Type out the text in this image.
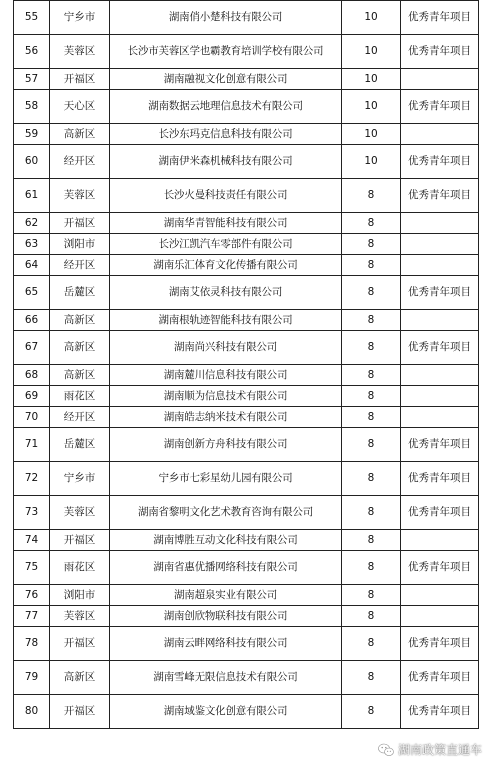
55	宁乡市	湖南俏小楚科技有限公司	10	优秀青年项目
56	芙蓉区	长沙市芙蓉区学也霸教育培训学校有限公司	10	优秀青年项目
57	开福区	湖南融视文化创意有限公司	10	
58	天心区	湖南数据云地理信息技术有限公司	10	优秀青年项目
59	高新区	长沙东玛克信息科技有限公司	10	
60	经开区	湖南伊米森机械科技有限公司	10	优秀青年项目
61	芙蓉区	长沙火曼科技责任有限公司	8	优秀青年项目
62	开福区	湖南华青智能科技有限公司	8	
63	浏阳市	长沙江凯汽车零部件有限公司	8	
64	经开区	湖南乐汇体育文化传播有限公司	8	
65	岳麓区	湖南艾依灵科技有限公司	8	优秀青年项目
66	高新区	湖南根轨迹智能科技有限公司	8	
67	高新区	湖南尚兴科技有限公司	8	优秀青年项目
68	高新区	湖南麓川信息科技有限公司	8	
69	雨花区	湖南顺为信息技术有限公司	8	
70	经开区	湖南皓志纳米技术有限公司	8	
71	岳麓区	湖南创新方舟科技有限公司	8	优秀青年项目
72	宁乡市	宁乡市七彩星幼儿园有限公司	8	优秀青年项目
73	芙蓉区	湖南省黎明文化艺术教育咨询有限公司	8	优秀青年项目
74	开福区	湖南博胜互动文化科技有限公司	8	
75	雨花区	湖南省惠优播网络科技有限公司	8	优秀青年项目
76	浏阳市	湖南超泉实业有限公司	8	
77	芙蓉区	湖南创欣物联科技有限公司	8	
78	开福区	湖南云畔网络科技有限公司	8	优秀青年项目
79	高新区	湖南雪峰无限信息技术有限公司	8	优秀青年项目
80	开福区	湖南域鉴文化创意有限公司	8	优秀青年项目
湖南政策直通车
